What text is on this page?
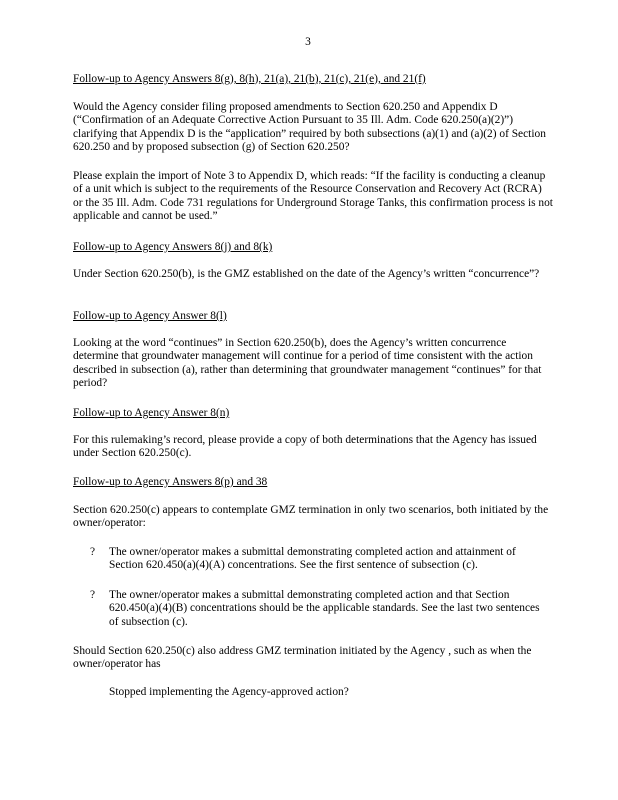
3

Follow-up to Agency Answers 8(g), 8(h), 21(a), 21(b), 21(c), 21(e), and 21(f)

Would the Agency consider filing proposed amendments to Section 620.250 and Appendix D (“Confirmation of an Adequate Corrective Action Pursuant to 35 Ill. Adm. Code 620.250(a)(2)”) clarifying that Appendix D is the “application” required by both subsections (a)(1) and (a)(2) of Section 620.250 and by proposed subsection (g) of Section 620.250?

Please explain the import of Note 3 to Appendix D, which reads: “If the facility is conducting a cleanup of a unit which is subject to the requirements of the Resource Conservation and Recovery Act (RCRA) or the 35 Ill. Adm. Code 731 regulations for Underground Storage Tanks, this confirmation process is not applicable and cannot be used.”

Follow-up to Agency Answers 8(j) and 8(k)

Under Section 620.250(b), is the GMZ established on the date of the Agency’s written “concurrence”?

Follow-up to Agency Answer 8(l)

Looking at the word “continues” in Section 620.250(b), does the Agency’s written concurrence determine that groundwater management will continue for a period of time consistent with the action described in subsection (a), rather than determining that groundwater management “continues” for that period?

Follow-up to Agency Answer 8(n)

For this rulemaking’s record, please provide a copy of both determinations that the Agency has issued under Section 620.250(c).

Follow-up to Agency Answers 8(p) and 38

Section 620.250(c) appears to contemplate GMZ termination in only two scenarios, both initiated by the owner/operator:

? The owner/operator makes a submittal demonstrating completed action and attainment of Section 620.450(a)(4)(A) concentrations. See the first sentence of subsection (c).
? The owner/operator makes a submittal demonstrating completed action and that Section 620.450(a)(4)(B) concentrations should be the applicable standards. See the last two sentences of subsection (c).

Should Section 620.250(c) also address GMZ termination initiated by the Agency , such as when the owner/operator has

Stopped implementing the Agency-approved action?
